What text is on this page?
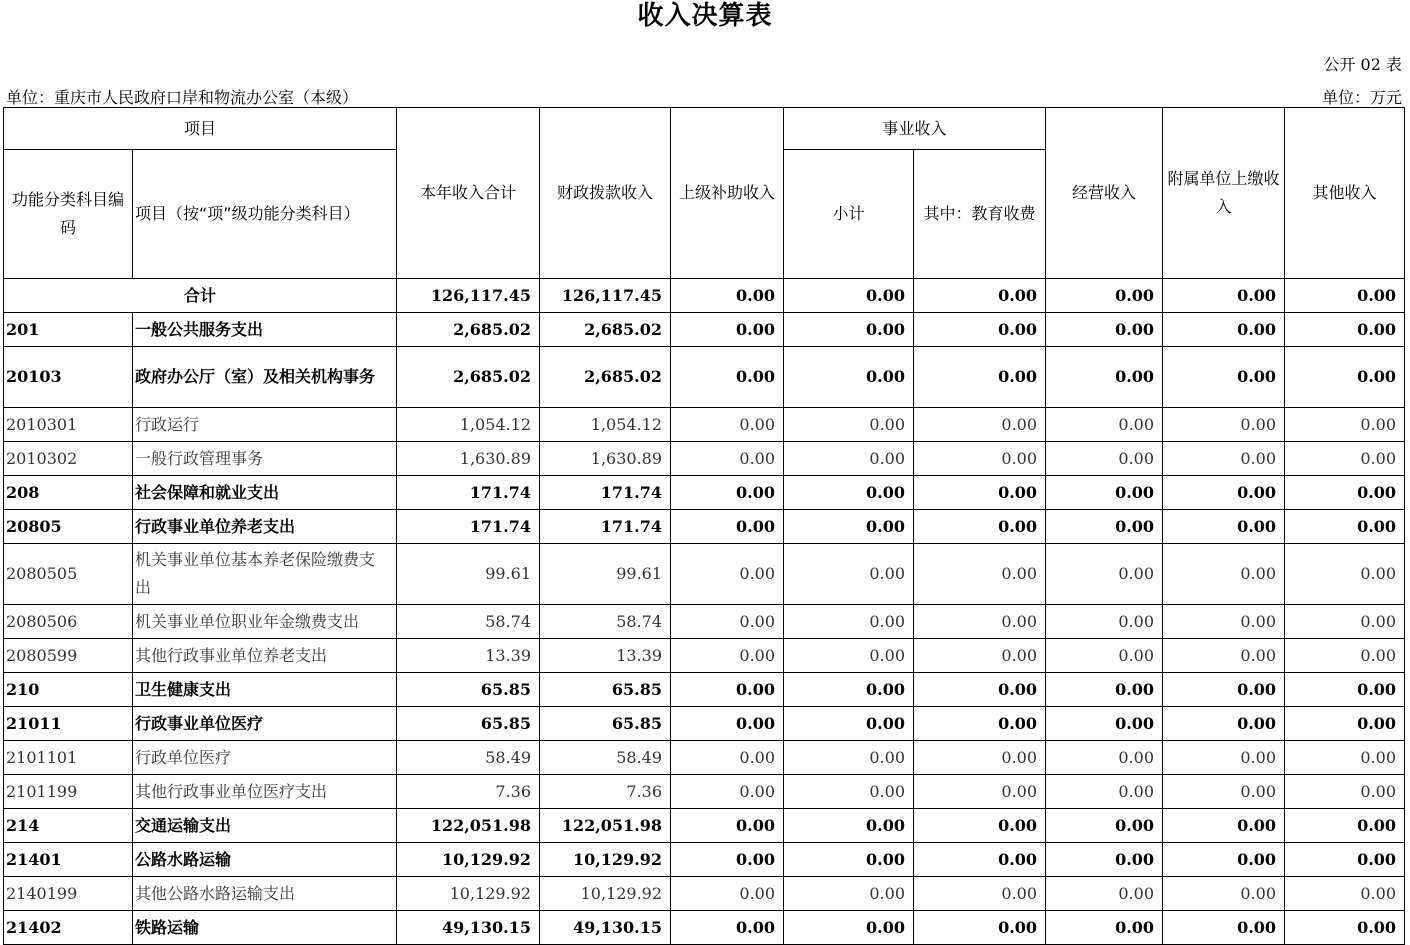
收入决算表
公开 02 表
单位：重庆市人民政府口岸和物流办公室（本级）	单位：万元
项目		本年收入合计	财政拨款收入	上级补助收入	事业收入		经营收入	附属单位上缴收入	其他收入
功能分类科目编码	项目（按“项”级功能分类科目）				小计	其中：教育收费			
合计		126,117.45	126,117.45	0.00	0.00	0.00	0.00	0.00	0.00
201	一般公共服务支出	2,685.02	2,685.02	0.00	0.00	0.00	0.00	0.00	0.00
20103	政府办公厅（室）及相关机构事务	2,685.02	2,685.02	0.00	0.00	0.00	0.00	0.00	0.00
2010301	行政运行	1,054.12	1,054.12	0.00	0.00	0.00	0.00	0.00	0.00
2010302	一般行政管理事务	1,630.89	1,630.89	0.00	0.00	0.00	0.00	0.00	0.00
208	社会保障和就业支出	171.74	171.74	0.00	0.00	0.00	0.00	0.00	0.00
20805	行政事业单位养老支出	171.74	171.74	0.00	0.00	0.00	0.00	0.00	0.00
2080505	机关事业单位基本养老保险缴费支出	99.61	99.61	0.00	0.00	0.00	0.00	0.00	0.00
2080506	机关事业单位职业年金缴费支出	58.74	58.74	0.00	0.00	0.00	0.00	0.00	0.00
2080599	其他行政事业单位养老支出	13.39	13.39	0.00	0.00	0.00	0.00	0.00	0.00
210	卫生健康支出	65.85	65.85	0.00	0.00	0.00	0.00	0.00	0.00
21011	行政事业单位医疗	65.85	65.85	0.00	0.00	0.00	0.00	0.00	0.00
2101101	行政单位医疗	58.49	58.49	0.00	0.00	0.00	0.00	0.00	0.00
2101199	其他行政事业单位医疗支出	7.36	7.36	0.00	0.00	0.00	0.00	0.00	0.00
214	交通运输支出	122,051.98	122,051.98	0.00	0.00	0.00	0.00	0.00	0.00
21401	公路水路运输	10,129.92	10,129.92	0.00	0.00	0.00	0.00	0.00	0.00
2140199	其他公路水路运输支出	10,129.92	10,129.92	0.00	0.00	0.00	0.00	0.00	0.00
21402	铁路运输	49,130.15	49,130.15	0.00	0.00	0.00	0.00	0.00	0.00
